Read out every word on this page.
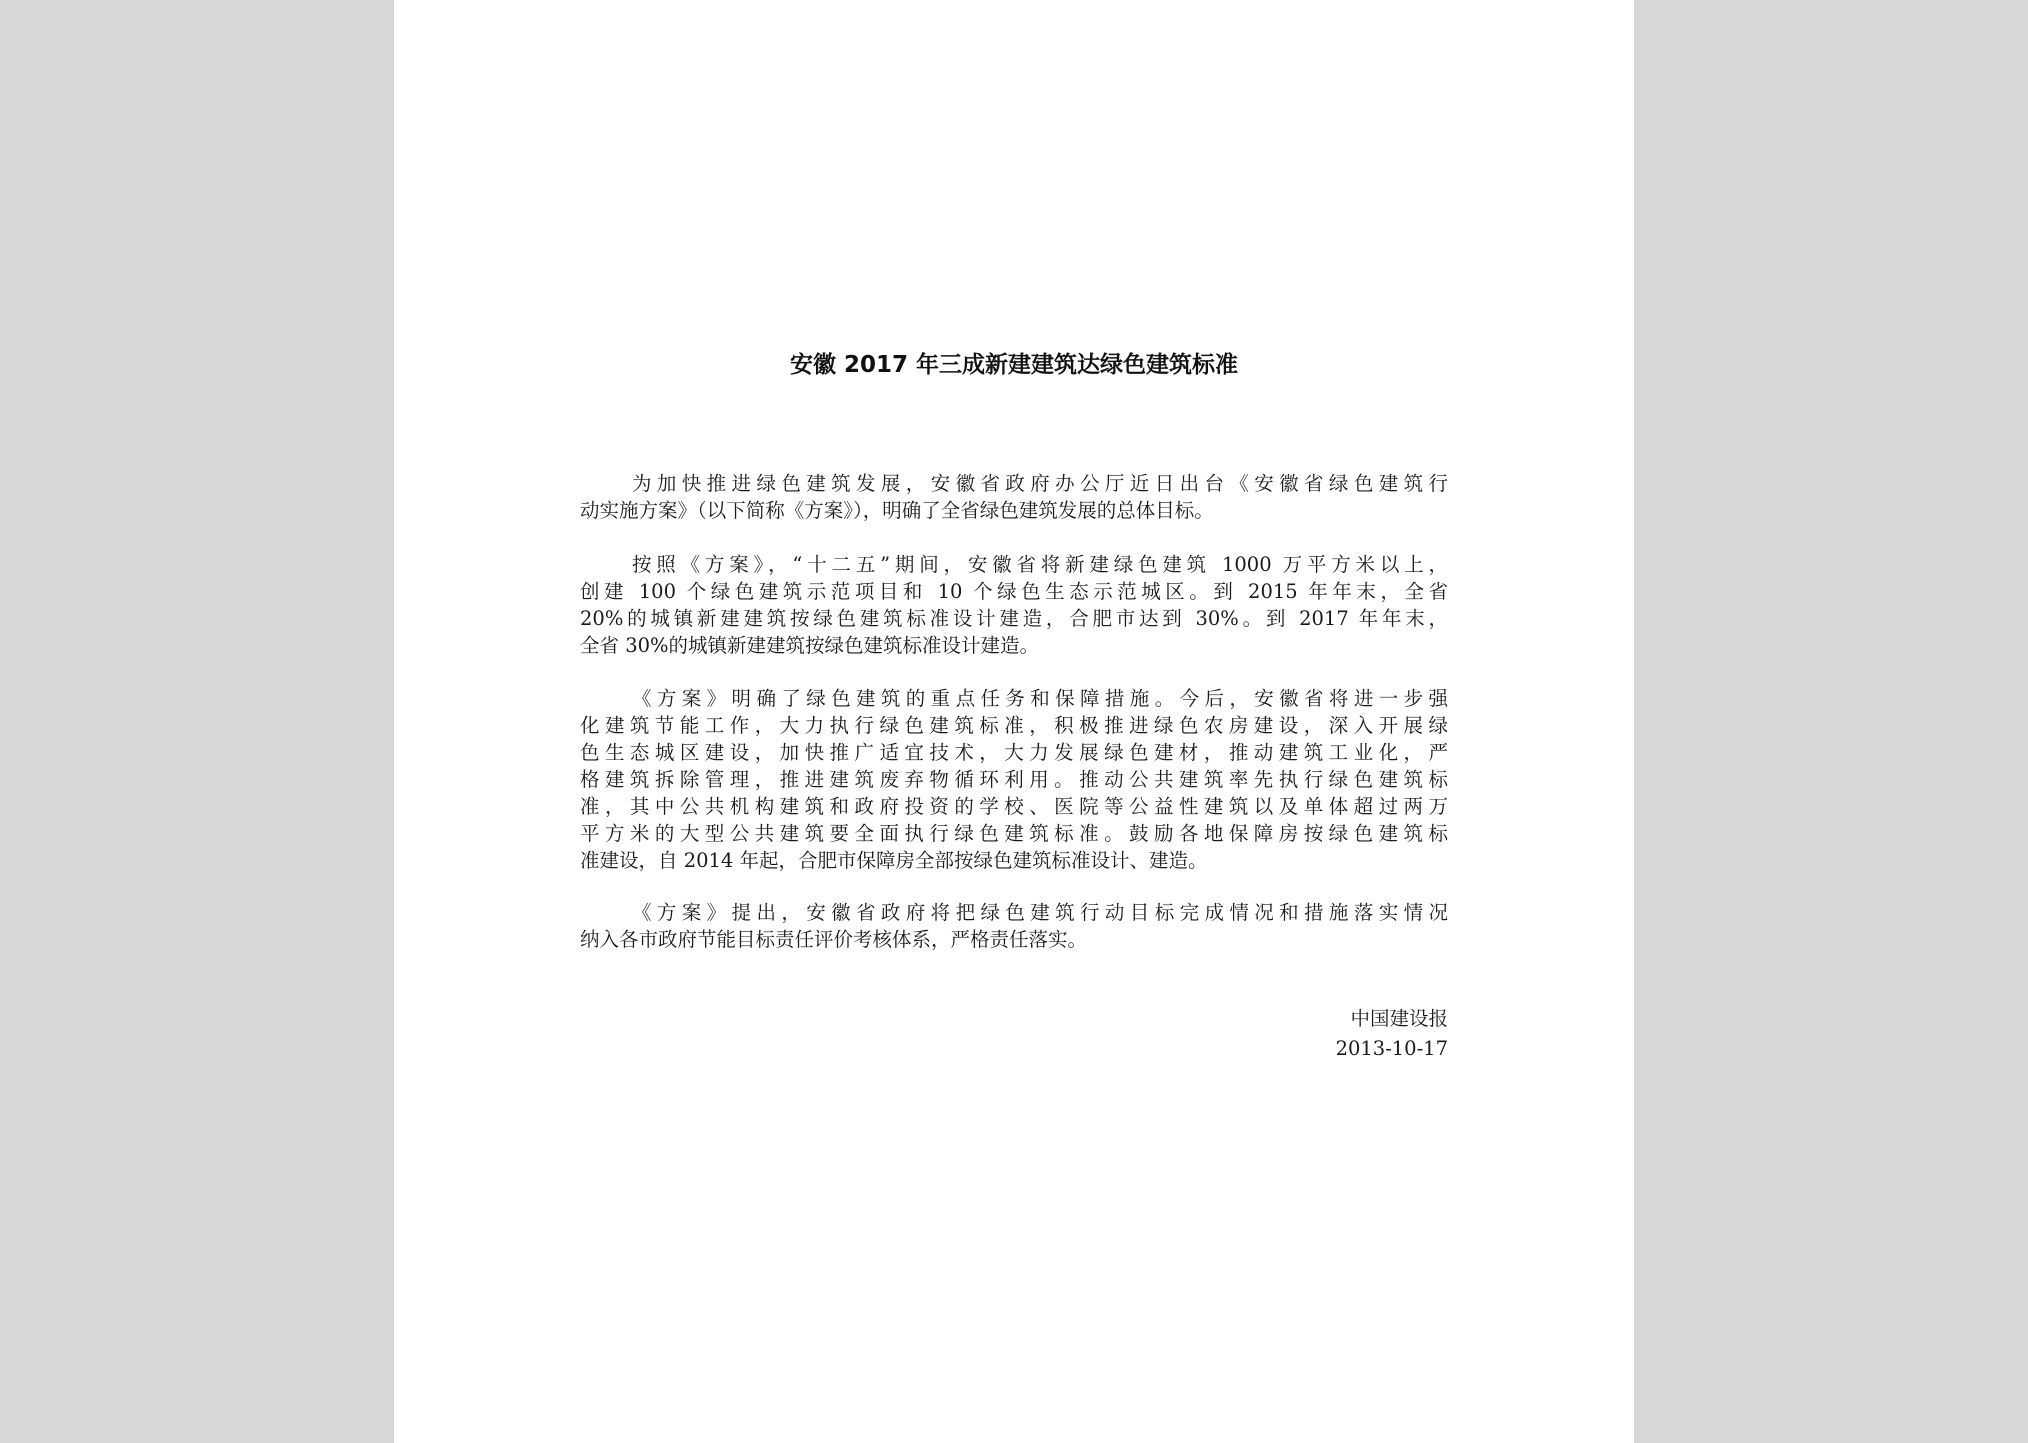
安徽 2017 年三成新建建筑达绿色建筑标准

为加快推进绿色建筑发展，安徽省政府办公厅近日出台《安徽省绿色建筑行
动实施方案》（以下简称《方案》），明确了全省绿色建筑发展的总体目标。

按照《方案》，“十二五”期间，安徽省将新建绿色建筑 1000 万平方米以上，
创建 100 个绿色建筑示范项目和 10 个绿色生态示范城区。到 2015 年年末，全省
20%的城镇新建建筑按绿色建筑标准设计建造，合肥市达到 30%。到 2017 年年末，
全省 30%的城镇新建建筑按绿色建筑标准设计建造。

《方案》明确了绿色建筑的重点任务和保障措施。今后，安徽省将进一步强
化建筑节能工作，大力执行绿色建筑标准，积极推进绿色农房建设，深入开展绿
色生态城区建设，加快推广适宜技术，大力发展绿色建材，推动建筑工业化，严
格建筑拆除管理，推进建筑废弃物循环利用。推动公共建筑率先执行绿色建筑标
准，其中公共机构建筑和政府投资的学校、医院等公益性建筑以及单体超过两万
平方米的大型公共建筑要全面执行绿色建筑标准。鼓励各地保障房按绿色建筑标
准建设，自 2014 年起，合肥市保障房全部按绿色建筑标准设计、建造。

《方案》提出，安徽省政府将把绿色建筑行动目标完成情况和措施落实情况
纳入各市政府节能目标责任评价考核体系，严格责任落实。

中国建设报
2013-10-17
